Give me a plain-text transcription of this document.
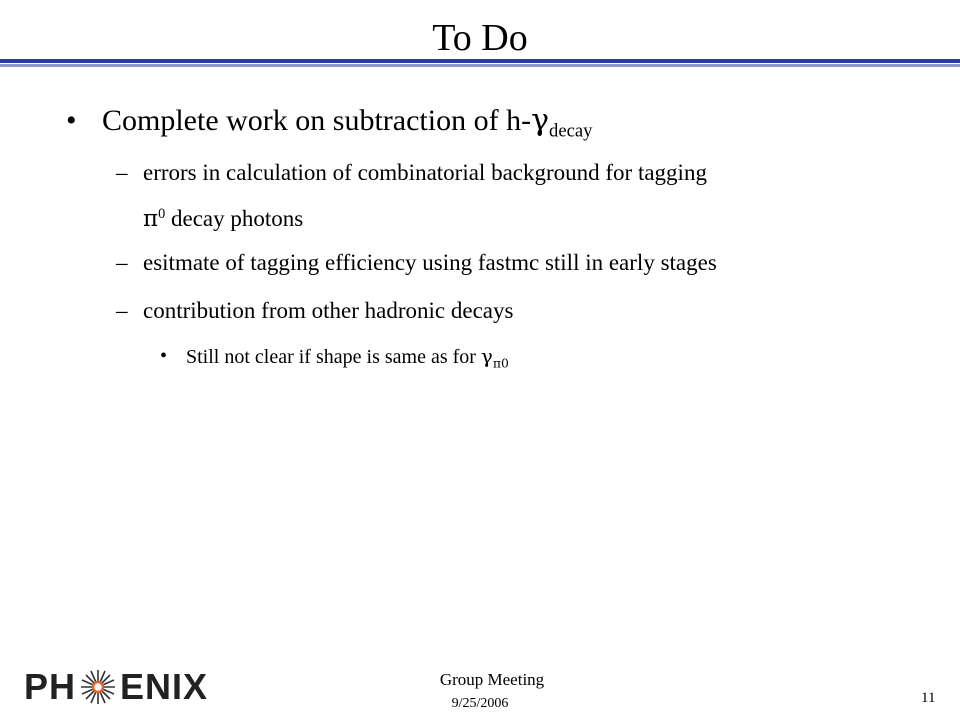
To Do
• Complete work on subtraction of $h-\gamma_{decay}$
– errors in calculation of combinatorial background for tagging
$\pi^0$ decay photons
– esitmate of tagging efficiency using fastmc still in early stages
– contribution from other hadronic decays
• Still not clear if shape is same as for $\gamma_{\pi 0}$
PH ENIX	Group Meeting
9/25/2006	11
